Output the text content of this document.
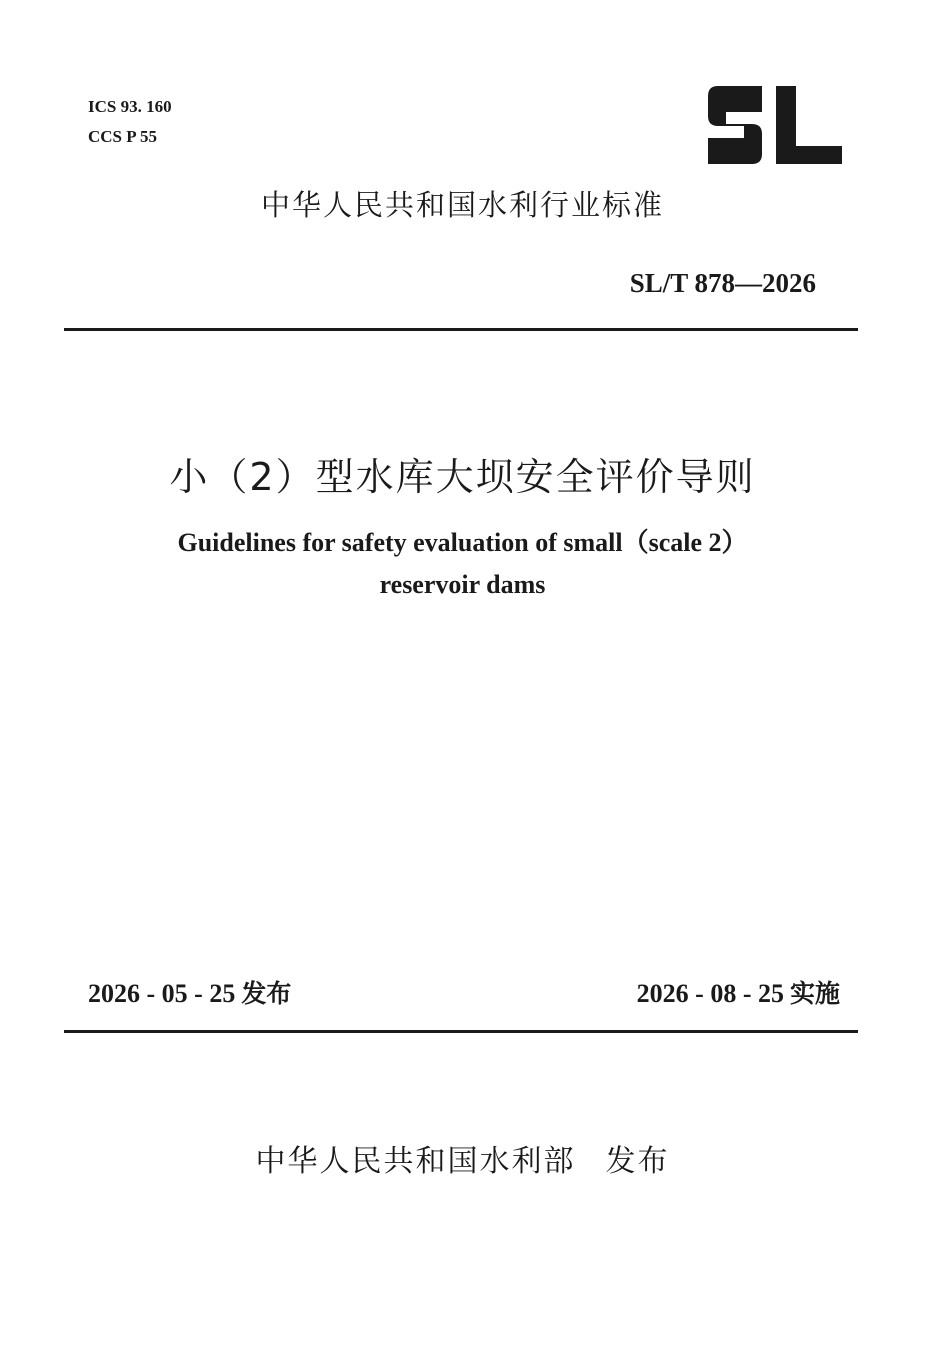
ICS 93. 160
CCS P 55
中华人民共和国水利行业标准
SL/T 878—2026
小（2）型水库大坝安全评价导则
Guidelines for safety evaluation of small（scale 2）
reservoir dams
2026 - 05 - 25 发布	2026 - 08 - 25 实施
中华人民共和国水利部 发布
